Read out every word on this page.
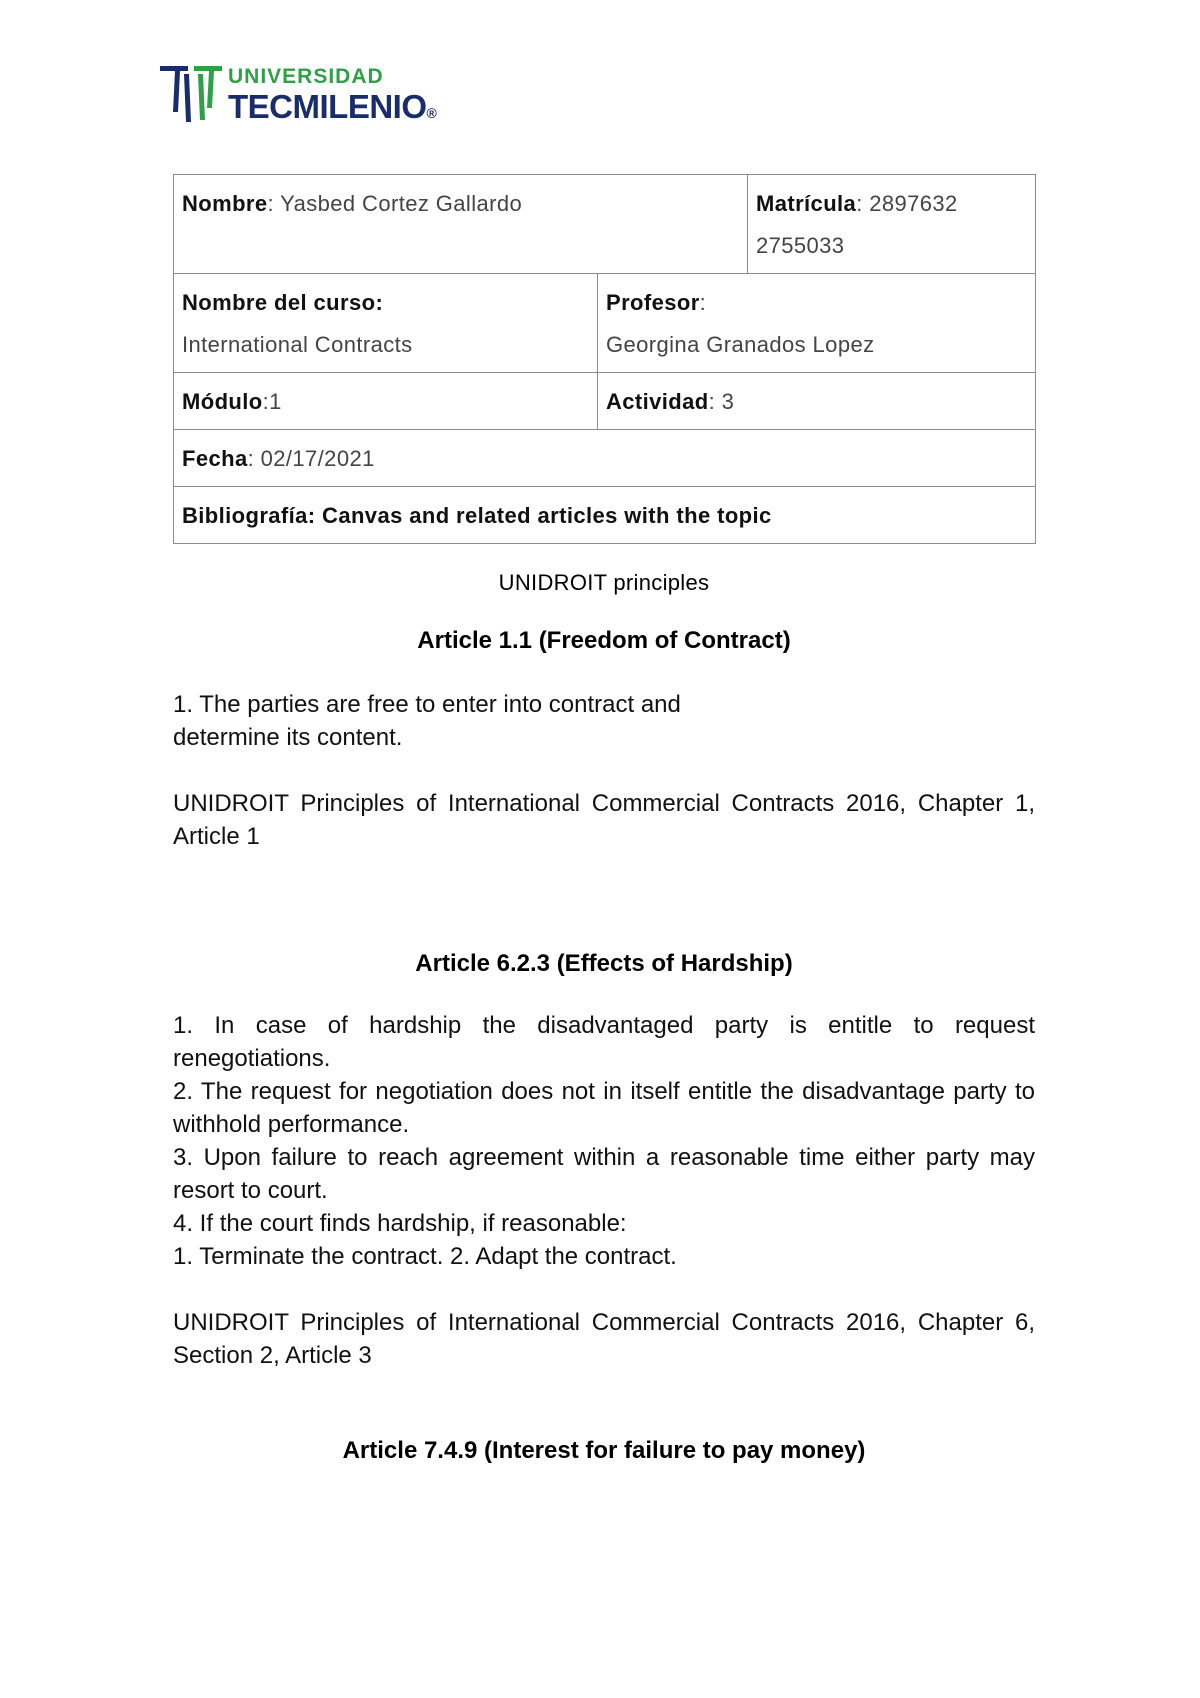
UNIVERSIDAD
TECMILENIO®
Nombre: Yasbed Cortez Gallardo		Matrícula: 2897632
2755033

Nombre del curso:
International Contracts	Profesor:
Georgina Granados Lopez	

Módulo:1	Actividad: 3	
Fecha: 02/17/2021		
Bibliografía: Canvas and related articles with the topic		
UNIDROIT principles
Article 1.1 (Freedom of Contract)

1. The parties are free to enter into contract and

determine its content.

UNIDROIT Principles of International Commercial Contracts 2016, Chapter 1, Article 1

Article 6.2.3 (Effects of Hardship)

1. In case of hardship the disadvantaged party is entitle to request renegotiations.

2. The request for negotiation does not in itself entitle the disadvantage party to withhold performance.

3. Upon failure to reach agreement within a reasonable time either party may resort to court.

4. If the court finds hardship, if reasonable:

1. Terminate the contract. 2. Adapt the contract.

UNIDROIT Principles of International Commercial Contracts 2016, Chapter 6, Section 2, Article 3

Article 7.4.9 (Interest for failure to pay money)
